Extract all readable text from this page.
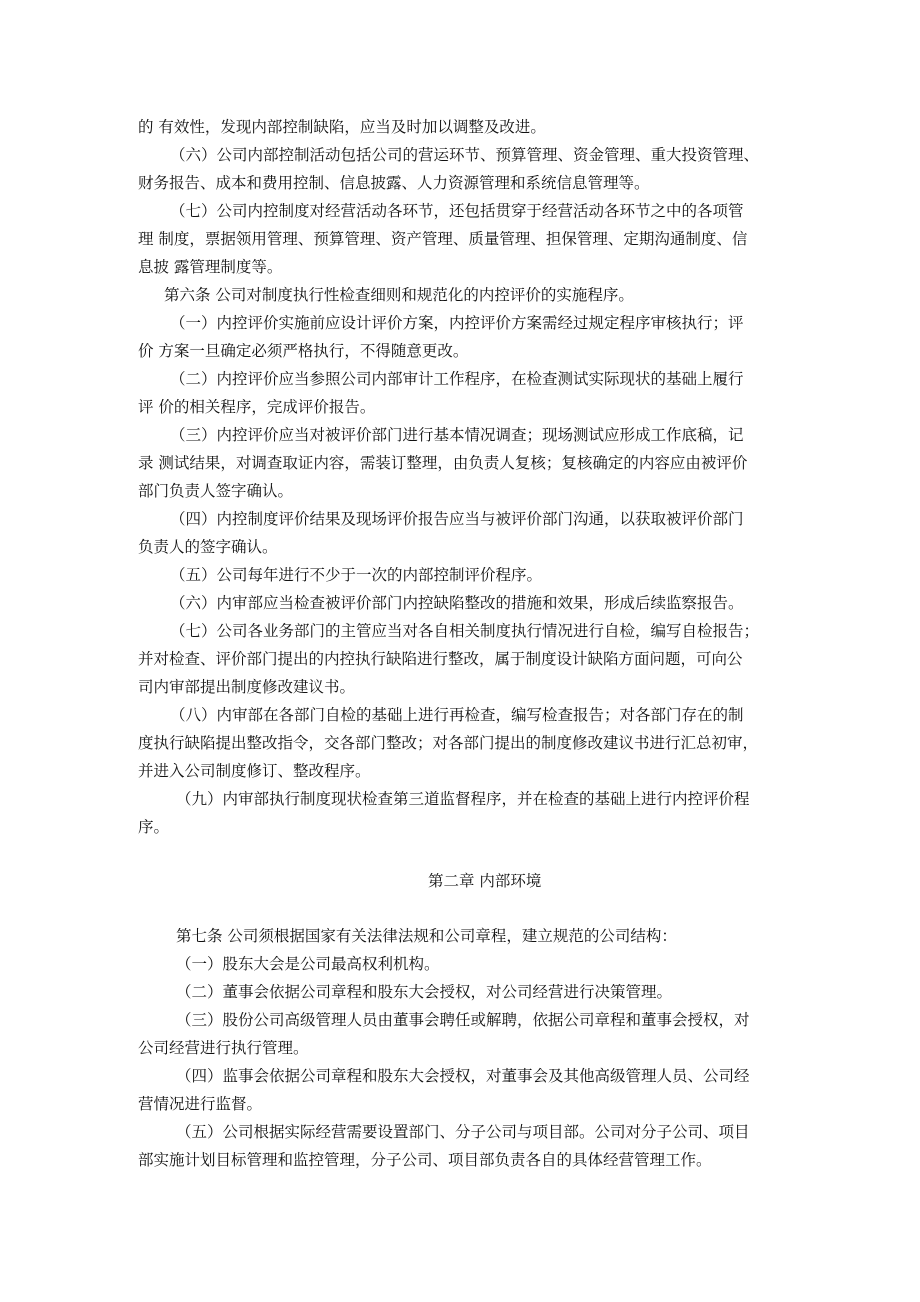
的 有效性，发现内部控制缺陷，应当及时加以调整及改进。
（六）公司内部控制活动包括公司的营运环节、预算管理、资金管理、重大投资管理、
财务报告、成本和费用控制、信息披露、人力资源管理和系统信息管理等。
（七）公司内控制度对经营活动各环节，还包括贯穿于经营活动各环节之中的各项管
理 制度，票据领用管理、预算管理、资产管理、质量管理、担保管理、定期沟通制度、信
息披 露管理制度等。
第六条 公司对制度执行性检查细则和规范化的内控评价的实施程序。
（一）内控评价实施前应设计评价方案，内控评价方案需经过规定程序审核执行；评
价 方案一旦确定必须严格执行，不得随意更改。
（二）内控评价应当参照公司内部审计工作程序，在检查测试实际现状的基础上履行
评 价的相关程序，完成评价报告。
（三）内控评价应当对被评价部门进行基本情况调查；现场测试应形成工作底稿，记
录 测试结果，对调查取证内容，需装订整理，由负责人复核；复核确定的内容应由被评价
部门负责人签字确认。
（四）内控制度评价结果及现场评价报告应当与被评价部门沟通，以获取被评价部门
负责人的签字确认。
（五）公司每年进行不少于一次的内部控制评价程序。
（六）内审部应当检查被评价部门内控缺陷整改的措施和效果，形成后续监察报告。
（七）公司各业务部门的主管应当对各自相关制度执行情况进行自检，编写自检报告；
并对检查、评价部门提出的内控执行缺陷进行整改，属于制度设计缺陷方面问题，可向公
司内审部提出制度修改建议书。
（八）内审部在各部门自检的基础上进行再检查，编写检查报告；对各部门存在的制
度执行缺陷提出整改指令，交各部门整改；对各部门提出的制度修改建议书进行汇总初审，
并进入公司制度修订、整改程序。
（九）内审部执行制度现状检查第三道监督程序，并在检查的基础上进行内控评价程
序。
第二章 内部环境
第七条 公司须根据国家有关法律法规和公司章程，建立规范的公司结构：
（一）股东大会是公司最高权利机构。
（二）董事会依据公司章程和股东大会授权，对公司经营进行决策管理。
（三）股份公司高级管理人员由董事会聘任或解聘，依据公司章程和董事会授权，对
公司经营进行执行管理。
（四）监事会依据公司章程和股东大会授权，对董事会及其他高级管理人员、公司经
营情况进行监督。
（五）公司根据实际经营需要设置部门、分子公司与项目部。公司对分子公司、项目
部实施计划目标管理和监控管理，分子公司、项目部负责各自的具体经营管理工作。
